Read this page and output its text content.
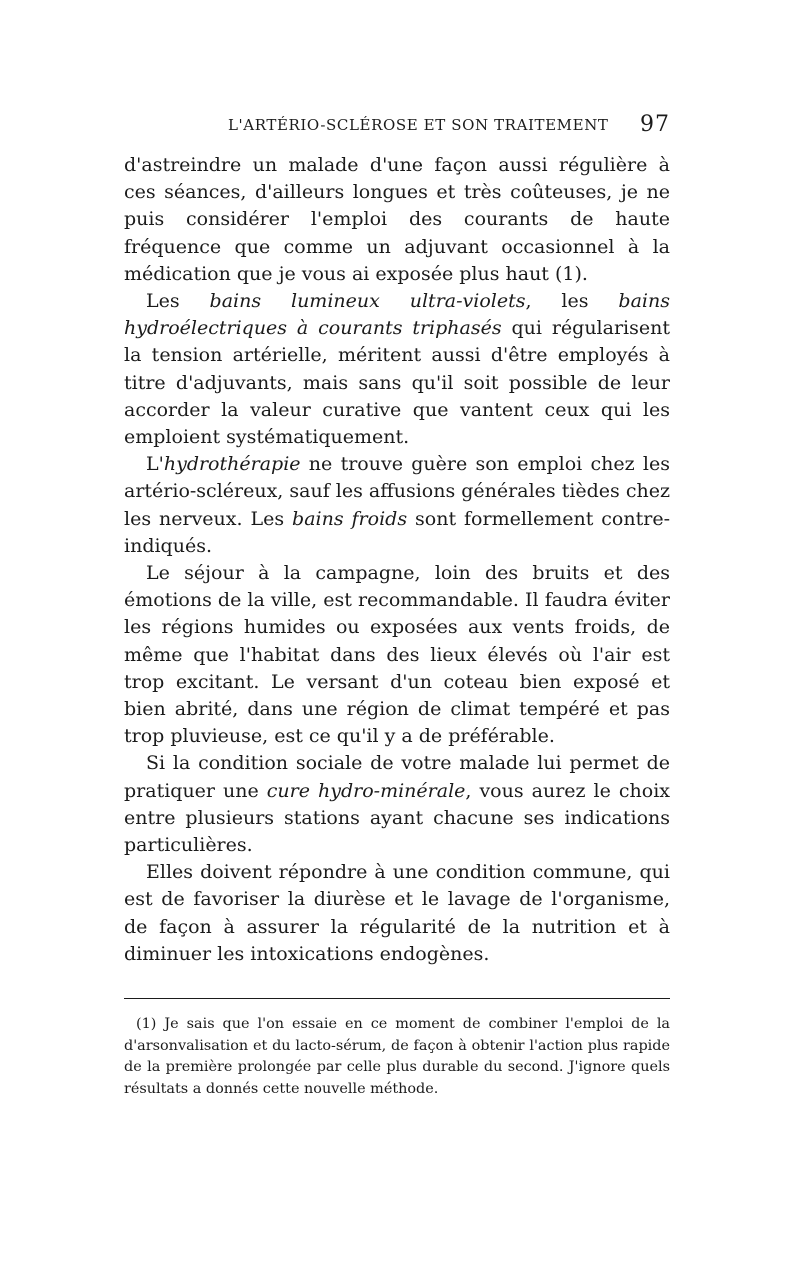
L'ARTÉRIO-SCLÉROSE ET SON TRAITEMENT 97

d'astreindre un malade d'une façon aussi régulière à ces séances, d'ailleurs longues et très coûteuses, je ne puis considérer l'emploi des courants de haute fréquence que comme un adjuvant occasionnel à la médication que je vous ai exposée plus haut (1).

Les bains lumineux ultra-violets, les bains hydroélectriques à courants triphasés qui régularisent la tension artérielle, méritent aussi d'être employés à titre d'adjuvants, mais sans qu'il soit possible de leur accorder la valeur curative que vantent ceux qui les emploient systématiquement.

L'hydrothérapie ne trouve guère son emploi chez les artério-scléreux, sauf les affusions générales tièdes chez les nerveux. Les bains froids sont formellement contre-indiqués.

Le séjour à la campagne, loin des bruits et des émotions de la ville, est recommandable. Il faudra éviter les régions humides ou exposées aux vents froids, de même que l'habitat dans des lieux élevés où l'air est trop excitant. Le versant d'un coteau bien exposé et bien abrité, dans une région de climat tempéré et pas trop pluvieuse, est ce qu'il y a de préférable.

Si la condition sociale de votre malade lui permet de pratiquer une cure hydro-minérale, vous aurez le choix entre plusieurs stations ayant chacune ses indications particulières.

Elles doivent répondre à une condition commune, qui est de favoriser la diurèse et le lavage de l'organisme, de façon à assurer la régularité de la nutrition et à diminuer les intoxications endogènes.

(1) Je sais que l'on essaie en ce moment de combiner l'emploi de la d'arsonvalisation et du lacto-sérum, de façon à obtenir l'action plus rapide de la première prolongée par celle plus durable du second. J'ignore quels résultats a donnés cette nouvelle méthode.
